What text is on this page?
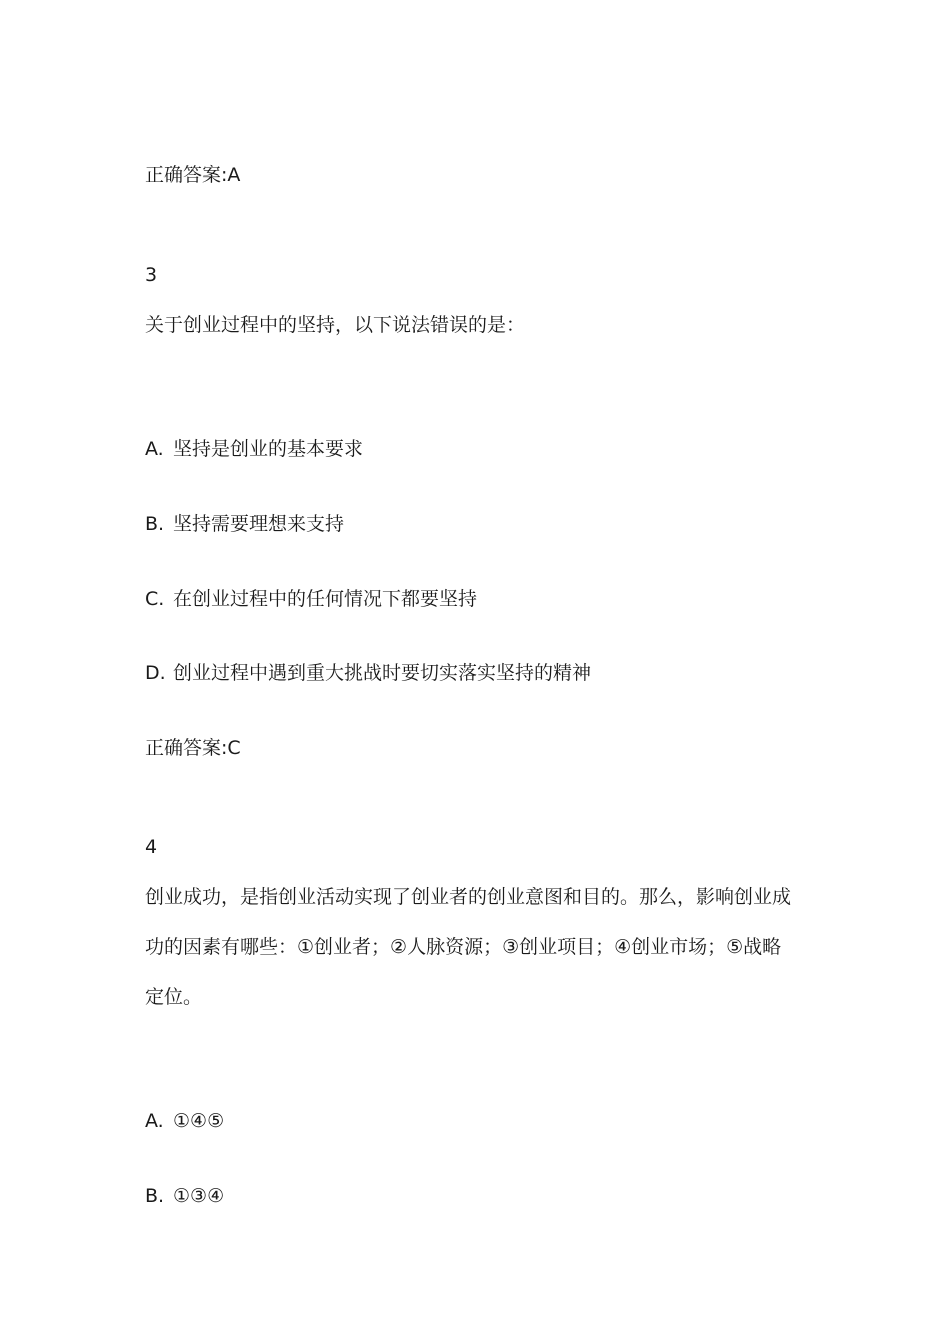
正确答案:A
3
关于创业过程中的坚持，以下说法错误的是：
A. 坚持是创业的基本要求
B. 坚持需要理想来支持
C. 在创业过程中的任何情况下都要坚持
D. 创业过程中遇到重大挑战时要切实落实坚持的精神
正确答案:C
4
创业成功，是指创业活动实现了创业者的创业意图和目的。那么，影响创业成
功的因素有哪些：①创业者；②人脉资源；③创业项目；④创业市场；⑤战略
定位。
A. ①④⑤
B. ①③④
